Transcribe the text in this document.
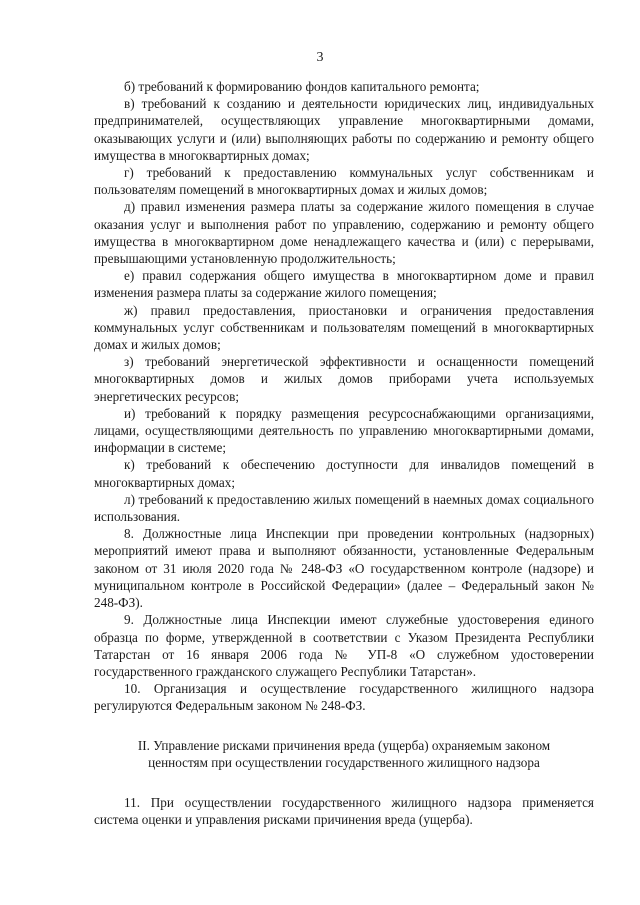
3

б) требований к формированию фондов капитального ремонта;

в) требований к созданию и деятельности юридических лиц, индивидуальных предпринимателей, осуществляющих управление многоквартирными домами, оказывающих услуги и (или) выполняющих работы по содержанию и ремонту общего имущества в многоквартирных домах;

г) требований к предоставлению коммунальных услуг собственникам и пользователям помещений в многоквартирных домах и жилых домов;

д) правил изменения размера платы за содержание жилого помещения в случае оказания услуг и выполнения работ по управлению, содержанию и ремонту общего имущества в многоквартирном доме ненадлежащего качества и (или) с перерывами, превышающими установленную продолжительность;

е) правил содержания общего имущества в многоквартирном доме и правил изменения размера платы за содержание жилого помещения;

ж) правил предоставления, приостановки и ограничения предоставления коммунальных услуг собственникам и пользователям помещений в многоквартирных домах и жилых домов;

з) требований энергетической эффективности и оснащенности помещений многоквартирных домов и жилых домов приборами учета используемых энергетических ресурсов;

и) требований к порядку размещения ресурсоснабжающими организациями, лицами, осуществляющими деятельность по управлению многоквартирными домами, информации в системе;

к) требований к обеспечению доступности для инвалидов помещений в многоквартирных домах;

л) требований к предоставлению жилых помещений в наемных домах социального использования.

8. Должностные лица Инспекции при проведении контрольных (надзорных) мероприятий имеют права и выполняют обязанности, установленные Федеральным законом от 31 июля 2020 года № 248-ФЗ «О государственном контроле (надзоре) и муниципальном контроле в Российской Федерации» (далее – Федеральный закон № 248-ФЗ).

9. Должностные лица Инспекции имеют служебные удостоверения единого образца по форме, утвержденной в соответствии с Указом Президента Республики Татарстан от 16 января 2006 года № УП-8 «О служебном удостоверении государственного гражданского служащего Республики Татарстан».

10. Организация и осуществление государственного жилищного надзора регулируются Федеральным законом № 248-ФЗ.

II. Управление рисками причинения вреда (ущерба) охраняемым законом ценностям при осуществлении государственного жилищного надзора

11. При осуществлении государственного жилищного надзора применяется система оценки и управления рисками причинения вреда (ущерба).
